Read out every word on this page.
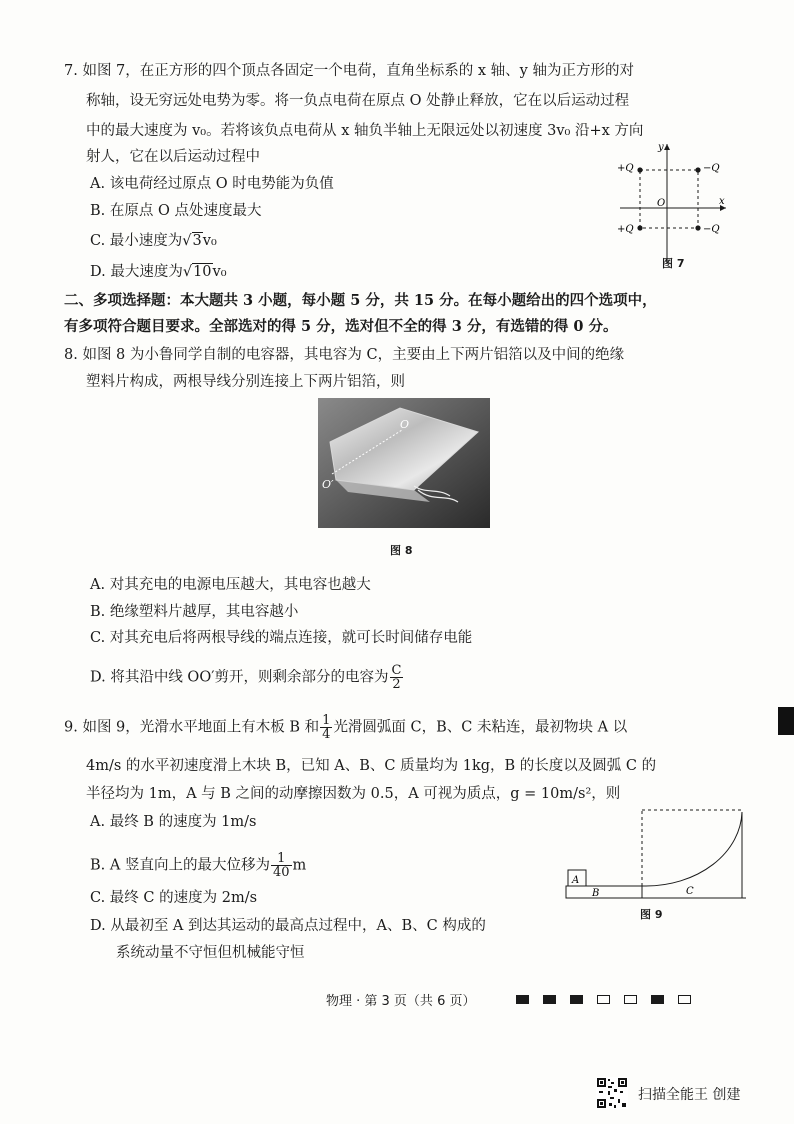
7. 如图 7，在正方形的四个顶点各固定一个电荷，直角坐标系的 x 轴、y 轴为正方形的对
称轴，设无穷远处电势为零。将一负点电荷在原点 O 处静止释放，它在以后运动过程
中的最大速度为 v₀。若将该负点电荷从 x 轴负半轴上无限远处以初速度 3v₀ 沿+x 方向
射人，它在以后运动过程中
A. 该电荷经过原点 O 时电势能为负值
B. 在原点 O 点处速度最大
C. 最小速度为√3v₀
D. 最大速度为√10v₀
+Q	−Q
+Q	−Q
O	x
y
图 7
二、多项选择题：本大题共 3 小题，每小题 5 分，共 15 分。在每小题给出的四个选项中，
有多项符合题目要求。全部选对的得 5 分，选对但不全的得 3 分，有选错的得 0 分。
8. 如图 8 为小鲁同学自制的电容器，其电容为 C，主要由上下两片铝箔以及中间的绝缘
塑料片构成，两根导线分别连接上下两片铝箔，则
O
O′
图 8
A. 对其充电的电源电压越大，其电容也越大
B. 绝缘塑料片越厚，其电容越小
C. 对其充电后将两根导线的端点连接，就可长时间储存电能
D. 将其沿中线 OO′剪开，则剩余部分的电容为 $\frac{C}{2}$
9. 如图 9，光滑水平地面上有木板 B 和 $\frac{1}{4}$ 光滑圆弧面 C，B、C 未粘连，最初物块 A 以
4m/s 的水平初速度滑上木块 B，已知 A、B、C 质量均为 1kg，B 的长度以及圆弧 C 的
半径均为 1m，A 与 B 之间的动摩擦因数为 0.5，A 可视为质点，g = 10m/s²，则
A. 最终 B 的速度为 1m/s
B. A 竖直向上的最大位移为 $\frac{1}{40}$ m
C. 最终 C 的速度为 2m/s
D. 从最初至 A 到达其运动的最高点过程中，A、B、C 构成的
系统动量不守恒但机械能守恒
A
B	C
图 9
物理 · 第 3 页（共 6 页）
扫描全能王 创建
